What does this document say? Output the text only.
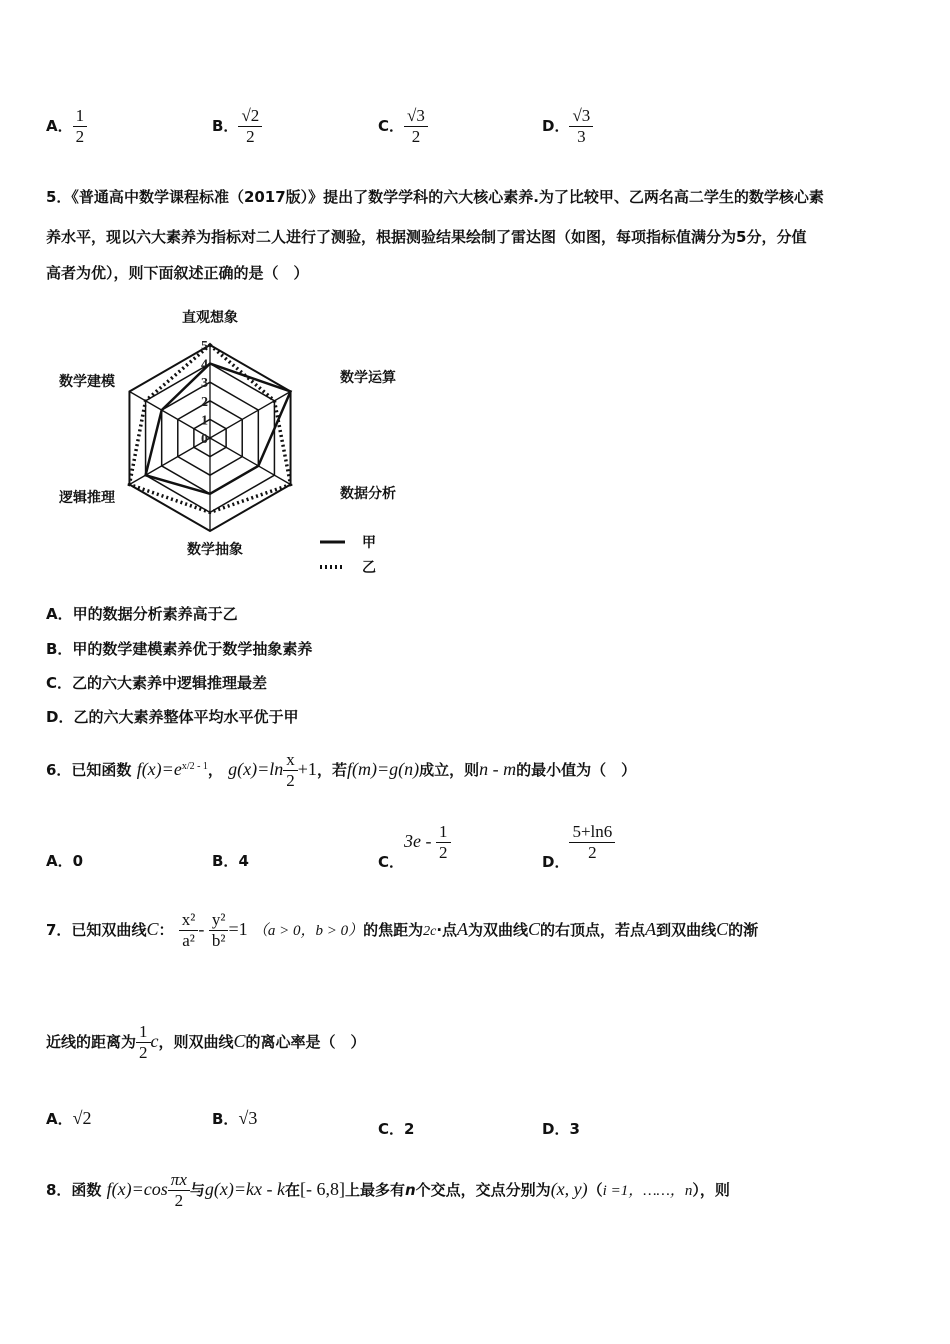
A． $\frac{1}{2}$	B． $\frac{√2}{2}$	C． $\frac{√3}{2}$	D． $\frac{√3}{3}$
5．《普通高中数学课程标准（2017版）》提出了数学学科的六大核心素养.为了比较甲、乙两名高二学生的数学核心素
养水平，现以六大素养为指标对二人进行了测验，根据测验结果绘制了雷达图（如图，每项指标值满分为5分，分值
高者为优），则下面叙述正确的是（　）
0
1
2
3
4
5
直观想象
数学运算
数据分析
数学抽象
逻辑推理
数学建模
甲
乙
A．甲的数据分析素养高于乙
B．甲的数学建模素养优于数学抽象素养
C．乙的六大素养中逻辑推理最差
D．乙的六大素养整体平均水平优于甲
6．已知函数 $f(x)=e^{x/2 - 1}$， $g(x)=\ln \frac{x}{2} +1$，若f(m)=g(n)成立，则n - m的最小值为（　）
A．0	B．4	C．$3e - \frac{1}{2}$	D． $\frac{5+\ln 6}{2}$
7．已知双曲线C： $\frac{\text{x²}}{\text{a²}} - \frac{\text{y²}}{\text{b²}} =1$ （a > 0，b > 0）的焦距为2c·点A为双曲线C的右顶点，若点A到双曲线C的渐
近线的距离为 $\frac{1}{2}$ c，则双曲线C的离心率是（　）
A．√2	B．√3
C．2	D．3
8．函数 $f(x)=\cos \frac{\pi x}{2}$ 与g(x)=kx - k在[- 6,8]上最多有n个交点，交点分别为(x, y)（i =1，……，n），则
